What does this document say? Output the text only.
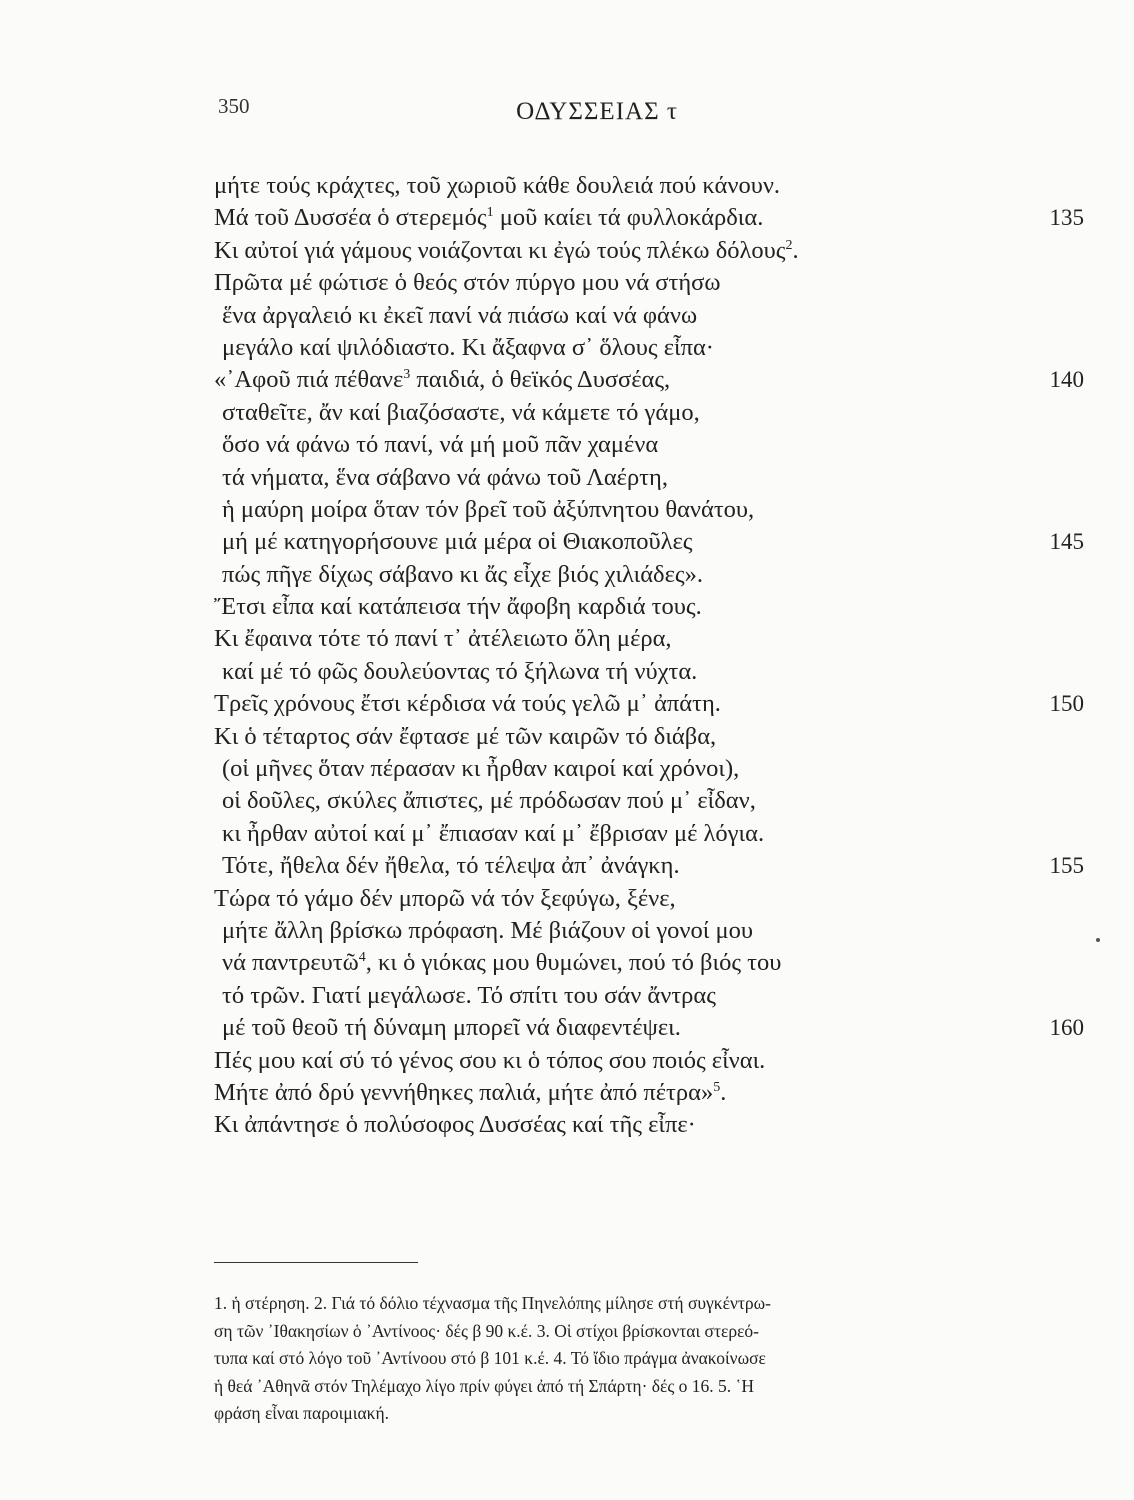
350	ΟΔΥΣΣΕΙΑΣ τ
μήτε τούς κράχτες, τοῦ χωριοῦ κάθε δουλειά πού κάνουν.
Μά τοῦ Δυσσέα ὁ στερεμός$^1$ μοῦ καίει τά φυλλοκάρδια.	135
Κι αὐτοί γιά γάμους νοιάζονται κι ἐγώ τούς πλέκω δόλους$^2$.
Πρῶτα μέ φώτισε ὁ θεός στόν πύργο μου νά στήσω
ἕνα ἀργαλειό κι ἐκεῖ πανί νά πιάσω καί νά φάνω
μεγάλο καί ψιλόδιαστο. Κι ἄξαφνα σ᾽ ὅλους εἶπα·
«᾽Αφοῦ πιά πέθανε$^3$ παιδιά, ὁ θεϊκός Δυσσέας,	140
σταθεῖτε, ἄν καί βιαζόσαστε, νά κάμετε τό γάμο,
ὅσο νά φάνω τό πανί, νά μή μοῦ πᾶν χαμένα
τά νήματα, ἕνα σάβανο νά φάνω τοῦ Λαέρτη,
ἡ μαύρη μοίρα ὅταν τόν βρεῖ τοῦ ἀξύπνητου θανάτου,
μή μέ κατηγορήσουνε μιά μέρα οἱ Θιακοποῦλες	145
πώς πῆγε δίχως σάβανο κι ἄς εἶχε βιός χιλιάδες».
Ἔτσι εἶπα καί κατάπεισα τήν ἄφοβη καρδιά τους.
Κι ἔφαινα τότε τό πανί τ᾽ ἀτέλειωτο ὅλη μέρα,
καί μέ τό φῶς δουλεύοντας τό ξήλωνα τή νύχτα.
Τρεῖς χρόνους ἔτσι κέρδισα νά τούς γελῶ μ᾽ ἀπάτη.	150
Κι ὁ τέταρτος σάν ἔφτασε μέ τῶν καιρῶν τό διάβα,
(οἱ μῆνες ὅταν πέρασαν κι ἦρθαν καιροί καί χρόνοι),
οἱ δοῦλες, σκύλες ἄπιστες, μέ πρόδωσαν πού μ᾽ εἶδαν,
κι ἦρθαν αὐτοί καί μ᾽ ἔπιασαν καί μ᾽ ἔβρισαν μέ λόγια.
Τότε, ἤθελα δέν ἤθελα, τό τέλεψα ἀπ᾽ ἀνάγκη.	155
Τώρα τό γάμο δέν μπορῶ νά τόν ξεφύγω, ξένε,
μήτε ἄλλη βρίσκω πρόφαση. Μέ βιάζουν οἱ γονοί μου
νά παντρευτῶ$^4$, κι ὁ γιόκας μου θυμώνει, πού τό βιός του
τό τρῶν. Γιατί μεγάλωσε. Τό σπίτι του σάν ἄντρας
μέ τοῦ θεοῦ τή δύναμη μπορεῖ νά διαφεντέψει.	160
Πές μου καί σύ τό γένος σου κι ὁ τόπος σου ποιός εἶναι.
Μήτε ἀπό δρύ γεννήθηκες παλιά, μήτε ἀπό πέτρα»$^5$.
Κι ἀπάντησε ὁ πολύσοφος Δυσσέας καί τῆς εἶπε·
1. ἡ στέρηση. 2. Γιά τό δόλιο τέχνασμα τῆς Πηνελόπης μίλησε στή συγκέντρω-
ση τῶν ᾽Ιθακησίων ὁ ᾽Αντίνοος· δές β 90 κ.έ. 3. Οἱ στίχοι βρίσκονται στερεό-
τυπα καί στό λόγο τοῦ ᾽Αντίνοου στό β 101 κ.έ. 4. Τό ἴδιο πράγμα ἀνακοίνωσε
ἡ θεά ᾽Αθηνᾶ στόν Τηλέμαχο λίγο πρίν φύγει ἀπό τή Σπάρτη· δές ο 16. 5. ῾Η
φράση εἶναι παροιμιακή.
